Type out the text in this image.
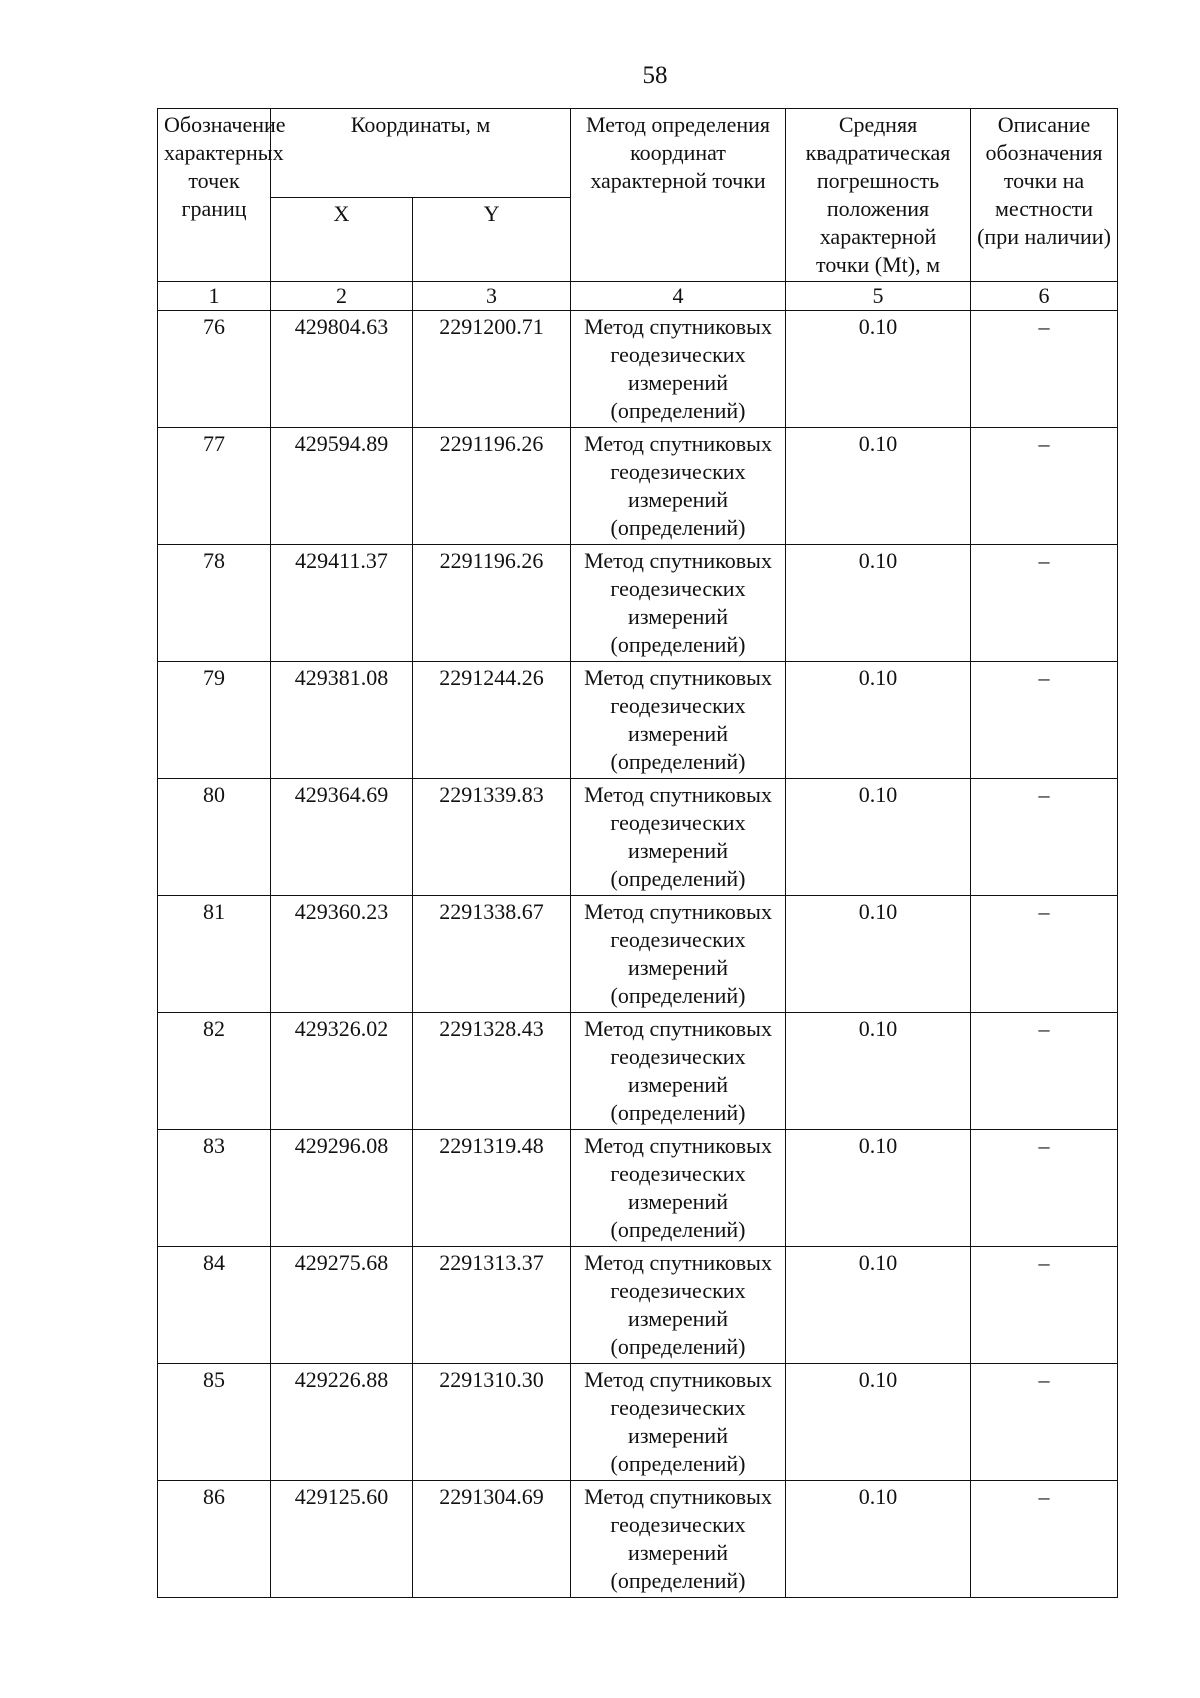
58
Обозначение характерных точек границ	Координаты, м		Метод определения координат характерной точки	Средняя квадратическая погрешность положения характерной точки (Mt), м	Описание обозначения точки на местности (при наличии)
	X	Y			
1	2	3	4	5	6
76	429804.63	2291200.71	Метод спутниковых геодезических измерений (определений)	0.10	–
77	429594.89	2291196.26	Метод спутниковых геодезических измерений (определений)	0.10	–
78	429411.37	2291196.26	Метод спутниковых геодезических измерений (определений)	0.10	–
79	429381.08	2291244.26	Метод спутниковых геодезических измерений (определений)	0.10	–
80	429364.69	2291339.83	Метод спутниковых геодезических измерений (определений)	0.10	–
81	429360.23	2291338.67	Метод спутниковых геодезических измерений (определений)	0.10	–
82	429326.02	2291328.43	Метод спутниковых геодезических измерений (определений)	0.10	–
83	429296.08	2291319.48	Метод спутниковых геодезических измерений (определений)	0.10	–
84	429275.68	2291313.37	Метод спутниковых геодезических измерений (определений)	0.10	–
85	429226.88	2291310.30	Метод спутниковых геодезических измерений (определений)	0.10	–
86	429125.60	2291304.69	Метод спутниковых геодезических измерений (определений)	0.10	–
